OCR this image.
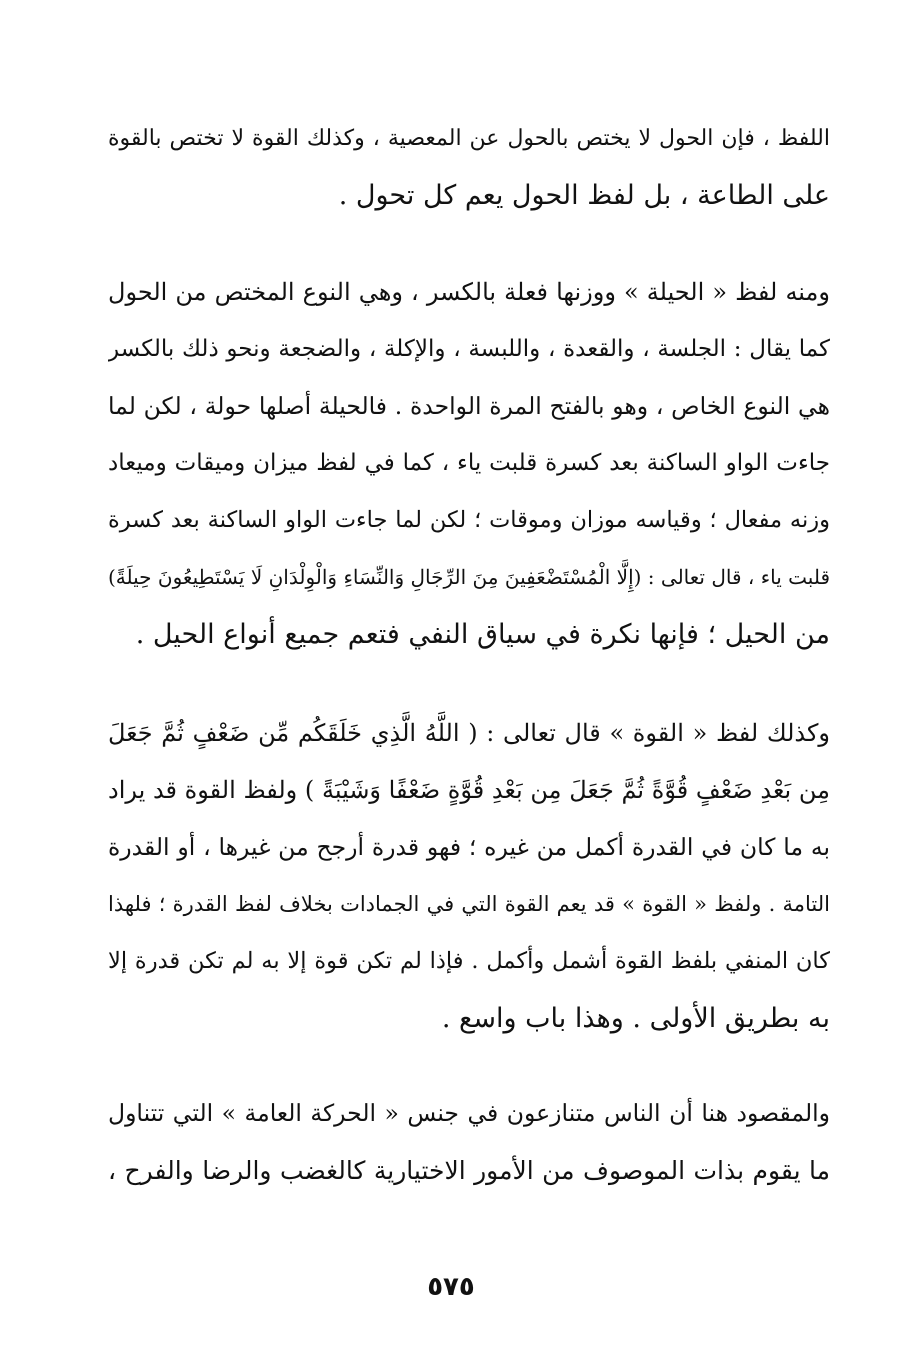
اللفظ ، فإن الحول لا يختص بالحول عن المعصية ، وكذلك القوة لا تختص بالقوة
على الطاعة ، بل لفظ الحول يعم كل تحول .

ومنه لفظ « الحيلة » ووزنها فعلة بالكسر ، وهي النوع المختص من الحول
كما يقال : الجلسة ، والقعدة ، واللبسة ، والإكلة ، والضجعة ونحو ذلك بالكسر
هي النوع الخاص ، وهو بالفتح المرة الواحدة . فالحيلة أصلها حولة ، لكن لما
جاءت الواو الساكنة بعد كسرة قلبت ياء ، كما في لفظ ميزان وميقات وميعاد
وزنه مفعال ؛ وقياسه موزان وموقات ؛ لكن لما جاءت الواو الساكنة بعد كسرة
قلبت ياء ، قال تعالى : (إِلَّا الْمُسْتَضْعَفِينَ مِنَ الرِّجَالِ وَالنِّسَاءِ وَالْوِلْدَانِ لَا يَسْتَطِيعُونَ حِيلَةً)
من الحيل ؛ فإنها نكرة في سياق النفي فتعم جميع أنواع الحيل .

وكذلك لفظ « القوة » قال تعالى : ( اللَّهُ الَّذِي خَلَقَكُم مِّن ضَعْفٍ ثُمَّ جَعَلَ
مِن بَعْدِ ضَعْفٍ قُوَّةً ثُمَّ جَعَلَ مِن بَعْدِ قُوَّةٍ ضَعْفًا وَشَيْبَةً ) ولفظ القوة قد يراد
به ما كان في القدرة أكمل من غيره ؛ فهو قدرة أرجح من غيرها ، أو القدرة
التامة . ولفظ « القوة » قد يعم القوة التي في الجمادات بخلاف لفظ القدرة ؛ فلهذا
كان المنفي بلفظ القوة أشمل وأكمل . فإذا لم تكن قوة إلا به لم تكن قدرة إلا
به بطريق الأولى . وهذا باب واسع .

والمقصود هنا أن الناس متنازعون في جنس « الحركة العامة » التي تتناول
ما يقوم بذات الموصوف من الأمور الاختيارية كالغضب والرضا والفرح ،

٥٧٥
